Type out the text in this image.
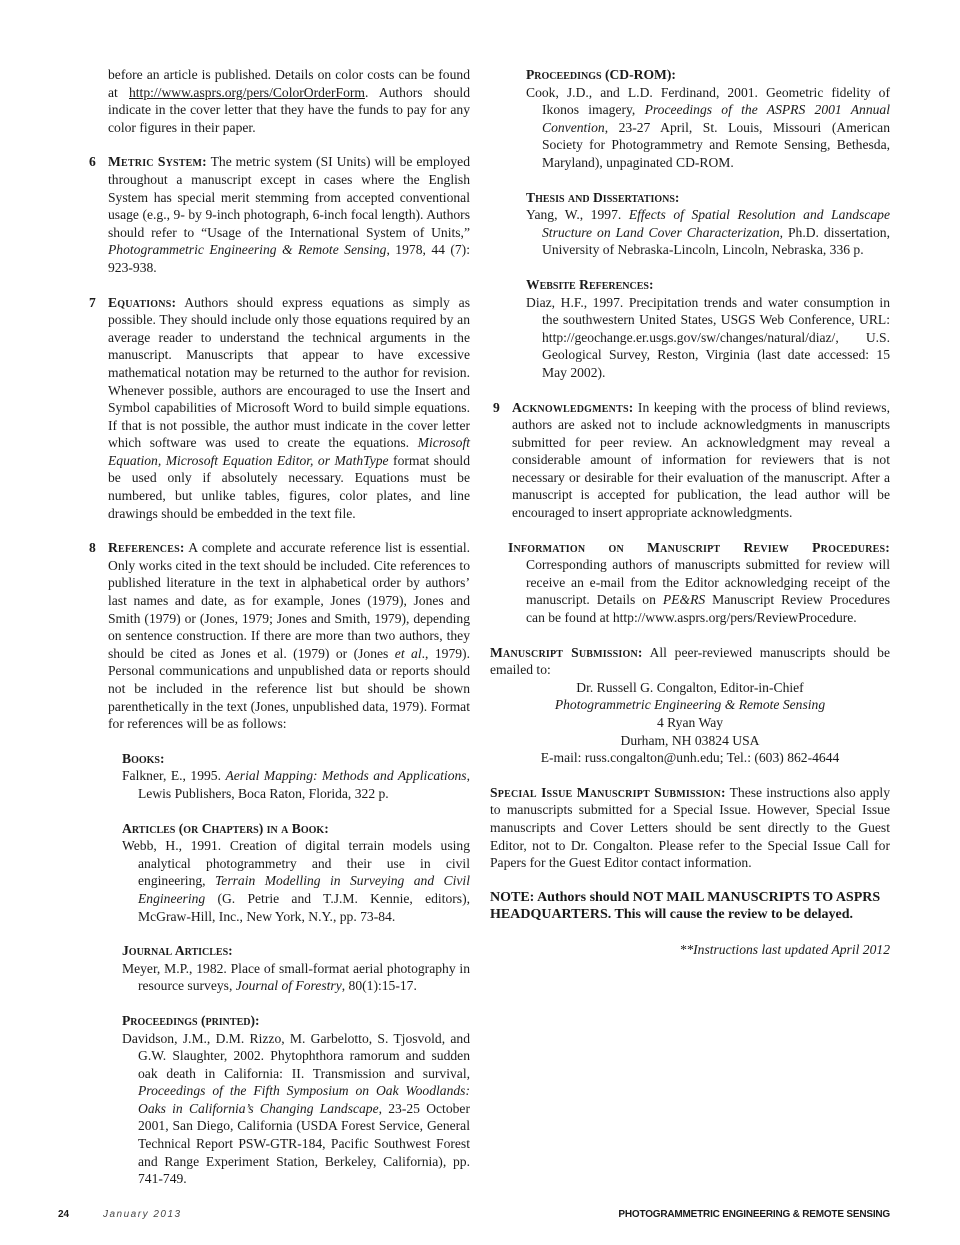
before an article is published. Details on color costs can be found at http://www.asprs.org/pers/ColorOrderForm. Authors should indicate in the cover letter that they have the funds to pay for any color figures in their paper.

6 Metric System: The metric system (SI Units) will be employed throughout a manuscript except in cases where the English System has special merit stemming from accepted conventional usage (e.g., 9- by 9-inch photograph, 6-inch focal length). Authors should refer to “Usage of the International System of Units,” Photogrammetric Engineering & Remote Sensing, 1978, 44 (7): 923-938.
7 Equations: Authors should express equations as simply as possible. They should include only those equations required by an average reader to understand the technical arguments in the manuscript. Manuscripts that appear to have excessive mathematical notation may be returned to the author for revision. Whenever possible, authors are encouraged to use the Insert and Symbol capabilities of Microsoft Word to build simple equations. If that is not possible, the author must indicate in the cover letter which software was used to create the equations. Microsoft Equation, Microsoft Equation Editor, or MathType format should be used only if absolutely necessary. Equations must be numbered, but unlike tables, figures, color plates, and line drawings should be embedded in the text file.
8 References: A complete and accurate reference list is essential. Only works cited in the text should be included. Cite references to published literature in the text in alphabetical order by authors’ last names and date, as for example, Jones (1979), Jones and Smith (1979) or (Jones, 1979; Jones and Smith, 1979), depending on sentence construction. If there are more than two authors, they should be cited as Jones et al. (1979) or (Jones et al., 1979). Personal communications and unpublished data or reports should not be included in the reference list but should be shown parenthetically in the text (Jones, unpublished data, 1979). Format for references will be as follows:
Books:
Falkner, E., 1995. Aerial Mapping: Methods and Applications, Lewis Publishers, Boca Raton, Florida, 322 p.
Articles (or Chapters) in a Book:
Webb, H., 1991. Creation of digital terrain models using analytical photogrammetry and their use in civil engineering, Terrain Modelling in Surveying and Civil Engineering (G. Petrie and T.J.M. Kennie, editors), McGraw-Hill, Inc., New York, N.Y., pp. 73-84.
Journal Articles:
Meyer, M.P., 1982. Place of small-format aerial photography in resource surveys, Journal of Forestry, 80(1):15-17.
Proceedings (printed):
Davidson, J.M., D.M. Rizzo, M. Garbelotto, S. Tjosvold, and G.W. Slaughter, 2002. Phytophthora ramorum and sudden oak death in California: II. Transmission and survival, Proceedings of the Fifth Symposium on Oak Woodlands: Oaks in California’s Changing Landscape, 23-25 October 2001, San Diego, California (USDA Forest Service, General Technical Report PSW-GTR-184, Pacific Southwest Forest and Range Experiment Station, Berkeley, California), pp. 741-749.
Proceedings (CD-ROM):
Cook, J.D., and L.D. Ferdinand, 2001. Geometric fidelity of Ikonos imagery, Proceedings of the ASPRS 2001 Annual Convention, 23-27 April, St. Louis, Missouri (American Society for Photogrammetry and Remote Sensing, Bethesda, Maryland), unpaginated CD-ROM.
Thesis and Dissertations:
Yang, W., 1997. Effects of Spatial Resolution and Landscape Structure on Land Cover Characterization, Ph.D. dissertation, University of Nebraska-Lincoln, Lincoln, Nebraska, 336 p.
Website References:
Diaz, H.F., 1997. Precipitation trends and water consumption in the southwestern United States, USGS Web Conference, URL: http://geochange.er.usgs.gov/sw/changes/natural/diaz/, U.S. Geological Survey, Reston, Virginia (last date accessed: 15 May 2002).
9 Acknowledgments: In keeping with the process of blind reviews, authors are asked not to include acknowledgments in manuscripts submitted for peer review. An acknowledgment may reveal a considerable amount of information for reviewers that is not necessary or desirable for their evaluation of the manuscript. After a manuscript is accepted for publication, the lead author will be encouraged to insert appropriate acknowledgments.
Information on Manuscript Review Procedures: Corresponding authors of manuscripts submitted for review will receive an e-mail from the Editor acknowledging receipt of the manuscript. Details on PE&RS Manuscript Review Procedures can be found at http://www.asprs.org/pers/ReviewProcedure.
Manuscript Submission: All peer-reviewed manuscripts should be emailed to:
Dr. Russell G. Congalton, Editor-in-Chief
Photogrammetric Engineering & Remote Sensing
4 Ryan Way
Durham, NH 03824 USA
E-mail: russ.congalton@unh.edu; Tel.: (603) 862-4644
Special Issue Manuscript Submission: These instructions also apply to manuscripts submitted for a Special Issue. However, Special Issue manuscripts and Cover Letters should be sent directly to the Guest Editor, not to Dr. Congalton. Please refer to the Special Issue Call for Papers for the Guest Editor contact information.
NOTE: Authors should NOT MAIL MANUSCRIPTS TO ASPRS HEADQUARTERS. This will cause the review to be delayed.
**Instructions last updated April 2012
24	January 2013	PHOTOGRAMMETRIC ENGINEERING & REMOTE SENSING
